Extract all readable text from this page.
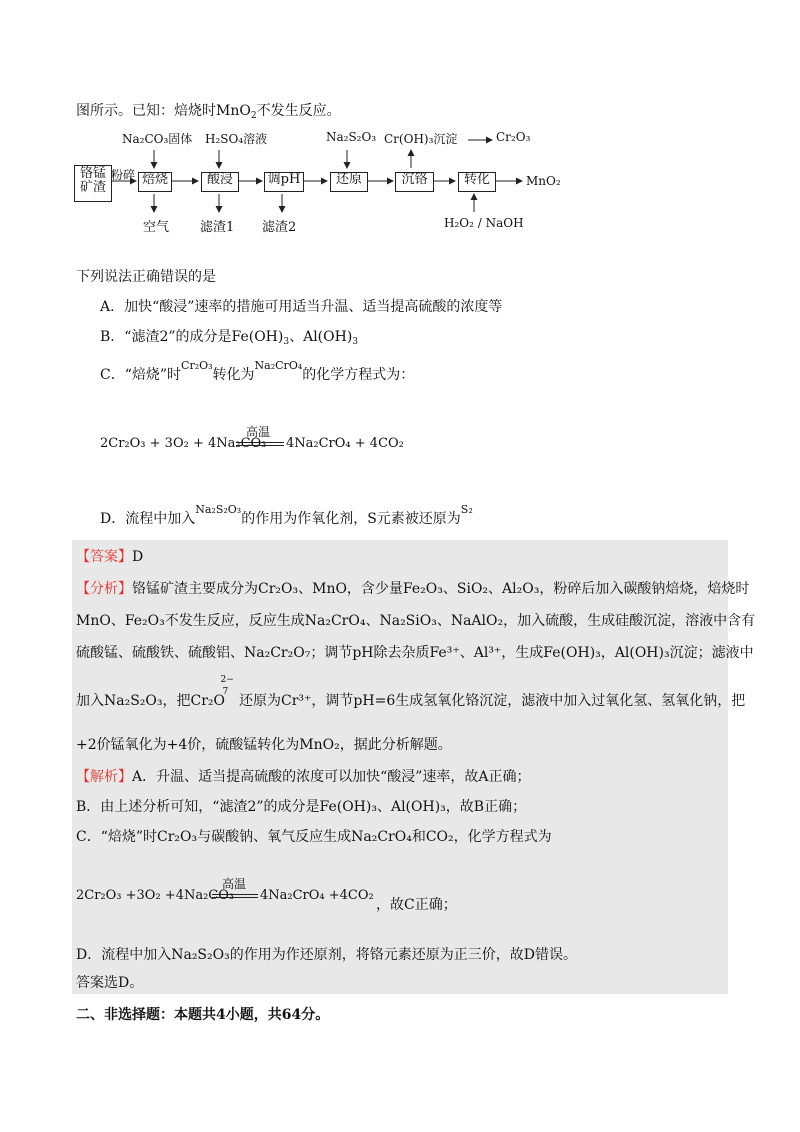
图所示。已知：焙烧时MnO$_2$不发生反应。
铬锰
矿渣
粉碎 焙烧	酸浸	调pH	还原	沉铬	转化
Na₂CO₃固体 H₂SO₄溶液	Na₂S₂O₃ Cr(OH)₃沉淀	Cr₂O₃
空气 滤渣1 滤渣2	H₂O₂ / NaOH
MnO₂
下列说法正确错误的是
A．加快“酸浸”速率的措施可用适当升温、适当提高硫酸的浓度等
B．“滤渣2”的成分是$Fe(OH)_3$、$Al(OH)_3$
C．“焙烧”时$^{Cr_2O_3}$转化为$^{Na_2CrO_4}$的化学方程式为：
2Cr₂O₃ + 3O₂ + 4Na₂CO₃
高温
4Na₂CrO₄ + 4CO₂
D．流程中加入$^{Na_2S_2O_3}$的作用为作氧化剂，S元素被还原为$^{S_2}$
【答案】D
【分析】铬锰矿渣主要成分为Cr₂O₃、MnO，含少量Fe₂O₃、SiO₂、Al₂O₃，粉碎后加入碳酸钠焙烧，焙烧时
MnO、Fe₂O₃不发生反应，反应生成Na₂CrO₄、Na₂SiO₃、NaAlO₂，加入硫酸，生成硅酸沉淀，溶液中含有
硫酸锰、硫酸铁、硫酸铝、Na₂Cr₂O₇；调节pH除去杂质Fe³⁺、Al³⁺，生成Fe(OH)₃，Al(OH)₃沉淀；滤液中
加入Na₂S₂O₃，把Cr₂O
2−
7
还原为Cr³⁺，调节pH=6生成氢氧化铬沉淀，滤液中加入过氧化氢、氢氧化钠，把
+2价锰氧化为+4价，硫酸锰转化为MnO₂，据此分析解题。
【解析】A．升温、适当提高硫酸的浓度可以加快“酸浸”速率，故A正确；
B．由上述分析可知，“滤渣2”的成分是Fe(OH)₃、Al(OH)₃，故B正确；
C．“焙烧”时Cr₂O₃与碳酸钠、氧气反应生成Na₂CrO₄和CO₂，化学方程式为
2Cr₂O₃ +3O₂ +4Na₂CO₃
高温
4Na₂CrO₄ +4CO₂
，故C正确；
D．流程中加入Na₂S₂O₃的作用为作还原剂，将铬元素还原为正三价，故D错误。
答案选D。
二、非选择题：本题共4小题，共64分。
